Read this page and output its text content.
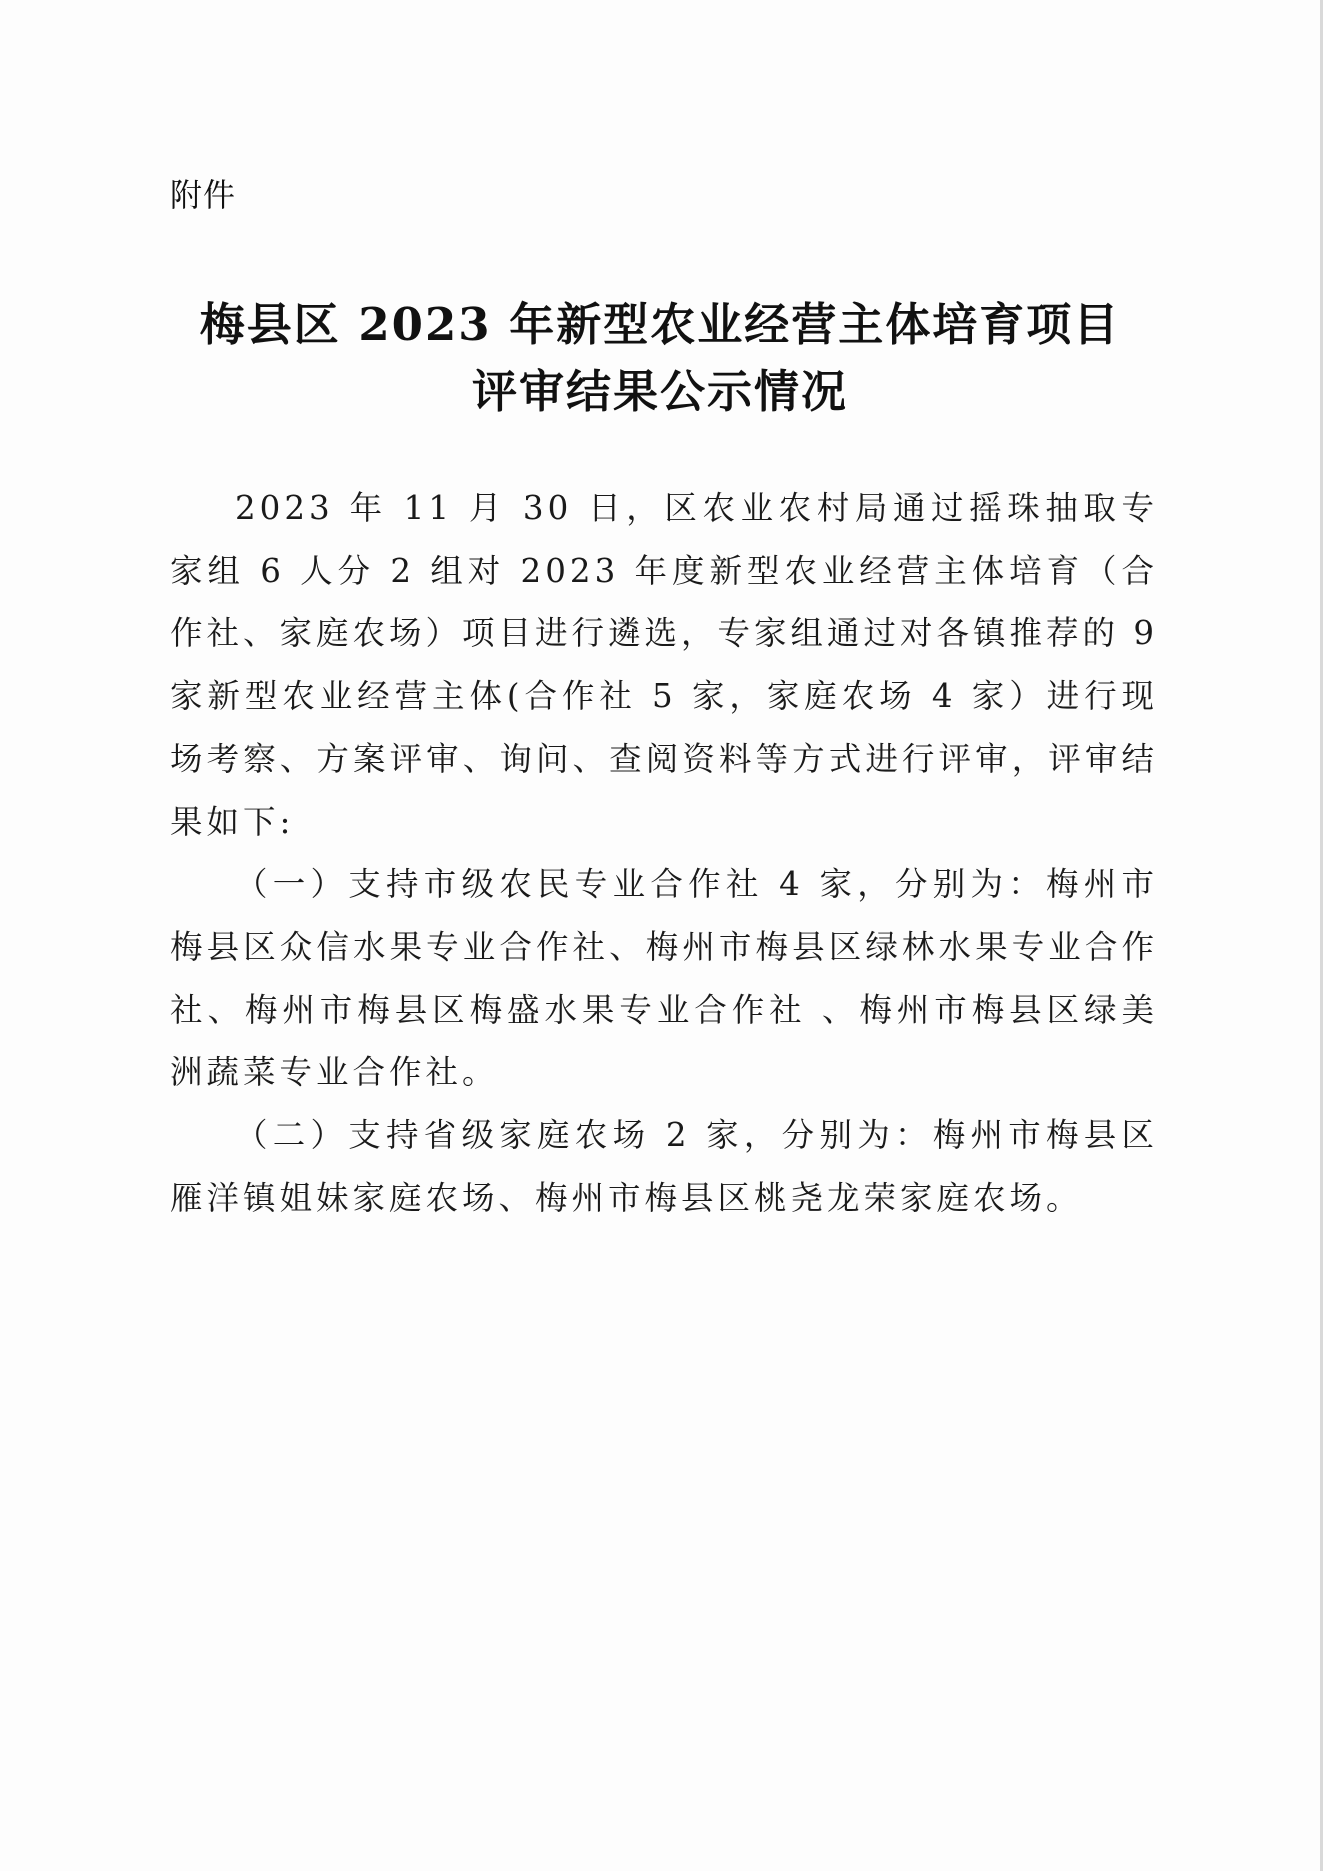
附件
梅县区 2023 年新型农业经营主体培育项目
评审结果公示情况

2023 年 11 月 30 日，区农业农村局通过摇珠抽取专家组 6 人分 2 组对 2023 年度新型农业经营主体培育（合作社、家庭农场）项目进行遴选，专家组通过对各镇推荐的 9 家新型农业经营主体(合作社 5 家，家庭农场 4 家）进行现场考察、方案评审、询问、查阅资料等方式进行评审，评审结果如下:

（一）支持市级农民专业合作社 4 家，分别为：梅州市梅县区众信水果专业合作社、梅州市梅县区绿林水果专业合作社、梅州市梅县区梅盛水果专业合作社 、梅州市梅县区绿美洲蔬菜专业合作社。

（二）支持省级家庭农场 2 家，分别为：梅州市梅县区雁洋镇姐妹家庭农场、梅州市梅县区桃尧龙荣家庭农场。
